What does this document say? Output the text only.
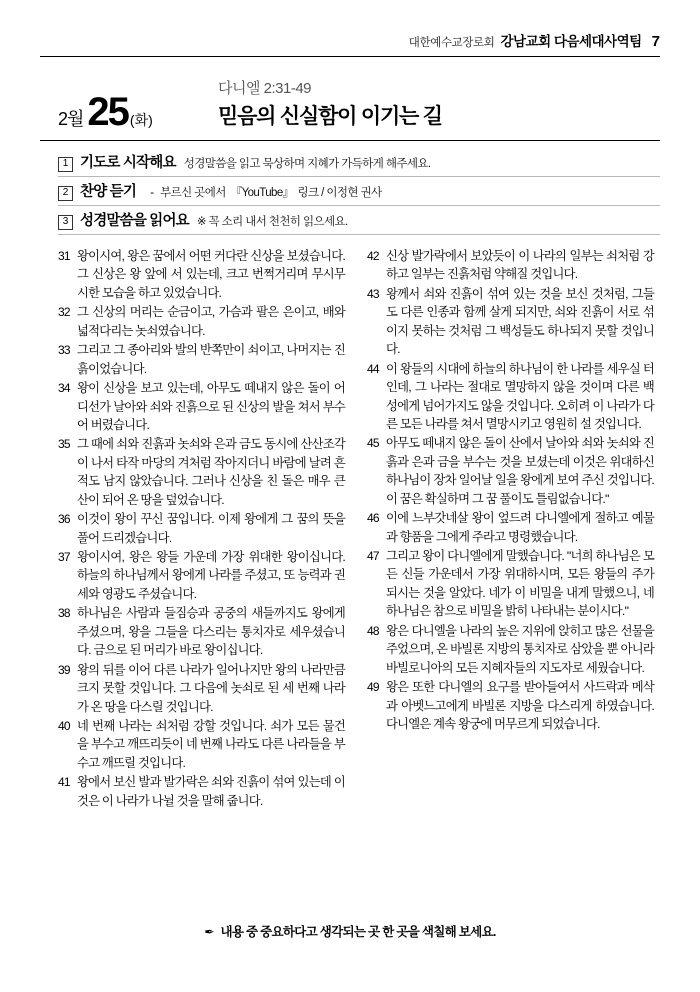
대한예수교장로회 강남교회 다음세대사역팀 7
2월 25 (화)
다니엘 2:31-49
믿음의 신실함이 이기는 길
1 기도로 시작해요 성경말씀을 읽고 묵상하며 지혜가 가득하게 해주세요.
2 찬양 듣기 - 부르신 곳에서 『YouTube』 링크 / 이정현 권사
3 성경말씀을 읽어요 ※ 꼭 소리 내서 천천히 읽으세요.
31 왕이시여, 왕은 꿈에서 어떤 커다란 신상을 보셨습니다. 그 신상은 왕 앞에 서 있는데, 크고 번쩍거리며 무시무시한 모습을 하고 있었습니다.
32 그 신상의 머리는 순금이고, 가슴과 팔은 은이고, 배와 넓적다리는 놋쇠였습니다.
33 그리고 그 종아리와 발의 반쪽만이 쇠이고, 나머지는 진흙이었습니다.
34 왕이 신상을 보고 있는데, 아무도 떼내지 않은 돌이 어디선가 날아와 쇠와 진흙으로 된 신상의 발을 쳐서 부수어 버렸습니다.
35 그 때에 쇠와 진흙과 놋쇠와 은과 금도 동시에 산산조각이 나서 타작 마당의 겨처럼 작아지더니 바람에 날려 흔적도 남지 않았습니다. 그러나 신상을 친 돌은 매우 큰 산이 되어 온 땅을 덮었습니다.
36 이것이 왕이 꾸신 꿈입니다. 이제 왕에게 그 꿈의 뜻을 풀어 드리겠습니다.
37 왕이시여, 왕은 왕들 가운데 가장 위대한 왕이십니다. 하늘의 하나님께서 왕에게 나라를 주셨고, 또 능력과 권세와 영광도 주셨습니다.
38 하나님은 사람과 들짐승과 공중의 새들까지도 왕에게 주셨으며, 왕을 그들을 다스리는 통치자로 세우셨습니다. 금으로 된 머리가 바로 왕이십니다.
39 왕의 뒤를 이어 다른 나라가 일어나지만 왕의 나라만큼 크지 못할 것입니다. 그 다음에 놋쇠로 된 세 번째 나라가 온 땅을 다스릴 것입니다.
40 네 번째 나라는 쇠처럼 강할 것입니다. 쇠가 모든 물건을 부수고 깨뜨리듯이 네 번째 나라도 다른 나라들을 부수고 깨뜨릴 것입니다.
41 왕에서 보신 발과 발가락은 쇠와 진흙이 섞여 있는데 이것은 이 나라가 나뉠 것을 말해 줍니다.
42 신상 발가락에서 보았듯이 이 나라의 일부는 쇠처럼 강하고 일부는 진흙처럼 약해질 것입니다.
43 왕께서 쇠와 진흙이 섞여 있는 것을 보신 것처럼, 그들도 다른 인종과 함께 살게 되지만, 쇠와 진흙이 서로 섞이지 못하는 것처럼 그 백성들도 하나되지 못할 것입니다.
44 이 왕들의 시대에 하늘의 하나님이 한 나라를 세우실 터인데, 그 나라는 절대로 멸망하지 않을 것이며 다른 백성에게 넘어가지도 않을 것입니다. 오히려 이 나라가 다른 모든 나라를 쳐서 멸망시키고 영원히 설 것입니다.
45 아무도 떼내지 않은 돌이 산에서 날아와 쇠와 놋쇠와 진흙과 은과 금을 부수는 것을 보셨는데 이것은 위대하신 하나님이 장차 일어날 일을 왕에게 보여 주신 것입니다. 이 꿈은 확실하며 그 꿈 풀이도 틀림없습니다."
46 이에 느부갓네살 왕이 엎드려 다니엘에게 절하고 예물과 향품을 그에게 주라고 명령했습니다.
47 그리고 왕이 다니엘에게 말했습니다. "너희 하나님은 모든 신들 가운데서 가장 위대하시며, 모든 왕들의 주가 되시는 것을 알았다. 네가 이 비밀을 내게 말했으니, 네 하나님은 참으로 비밀을 밝히 나타내는 분이시다."
48 왕은 다니엘을 나라의 높은 지위에 앉히고 많은 선물을 주었으며, 온 바빌론 지방의 통치자로 삼았을 뿐 아니라 바빌로니아의 모든 지혜자들의 지도자로 세웠습니다.
49 왕은 또한 다니엘의 요구를 받아들여서 사드락과 메삭과 아벳느고에게 바빌론 지방을 다스리게 하였습니다. 다니엘은 계속 왕궁에 머무르게 되었습니다.
✒ 내용 중 중요하다고 생각되는 곳 한 곳을 색칠해 보세요.
